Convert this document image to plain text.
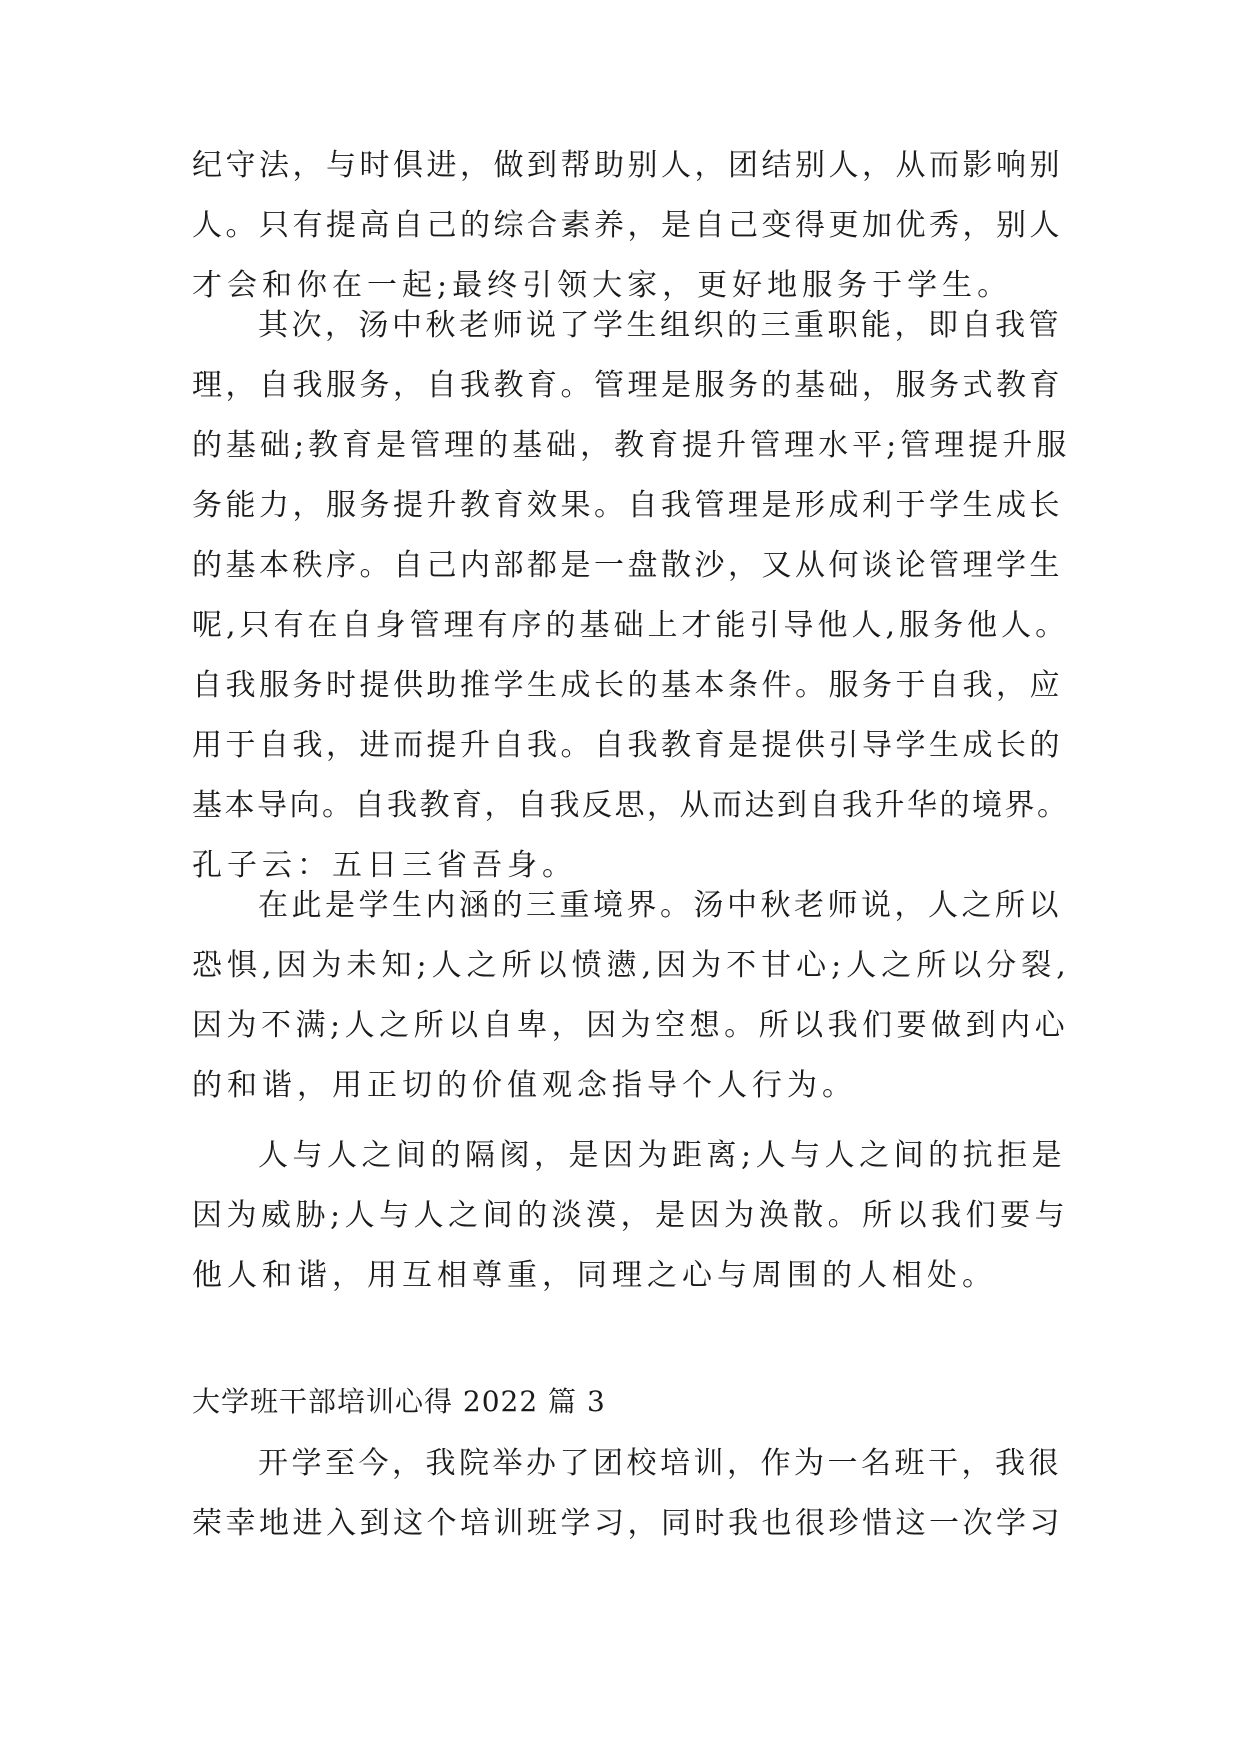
纪守法，与时俱进，做到帮助别人，团结别人，从而影响别
人。只有提高自己的综合素养，是自己变得更加优秀，别人
才会和你在一起;最终引领大家，更好地服务于学生。
其次，汤中秋老师说了学生组织的三重职能，即自我管
理，自我服务，自我教育。管理是服务的基础，服务式教育
的基础;教育是管理的基础，教育提升管理水平;管理提升服
务能力，服务提升教育效果。自我管理是形成利于学生成长
的基本秩序。自己内部都是一盘散沙，又从何谈论管理学生
呢,只有在自身管理有序的基础上才能引导他人,服务他人。
自我服务时提供助推学生成长的基本条件。服务于自我，应
用于自我，进而提升自我。自我教育是提供引导学生成长的
基本导向。自我教育，自我反思，从而达到自我升华的境界。
孔子云：五日三省吾身。
在此是学生内涵的三重境界。汤中秋老师说，人之所以
恐惧,因为未知;人之所以愤懑,因为不甘心;人之所以分裂,
因为不满;人之所以自卑，因为空想。所以我们要做到内心
的和谐，用正切的价值观念指导个人行为。
人与人之间的隔阂，是因为距离;人与人之间的抗拒是
因为威胁;人与人之间的淡漠，是因为涣散。所以我们要与
他人和谐，用互相尊重，同理之心与周围的人相处。
大学班干部培训心得 2022 篇 3
开学至今，我院举办了团校培训，作为一名班干，我很
荣幸地进入到这个培训班学习，同时我也很珍惜这一次学习
